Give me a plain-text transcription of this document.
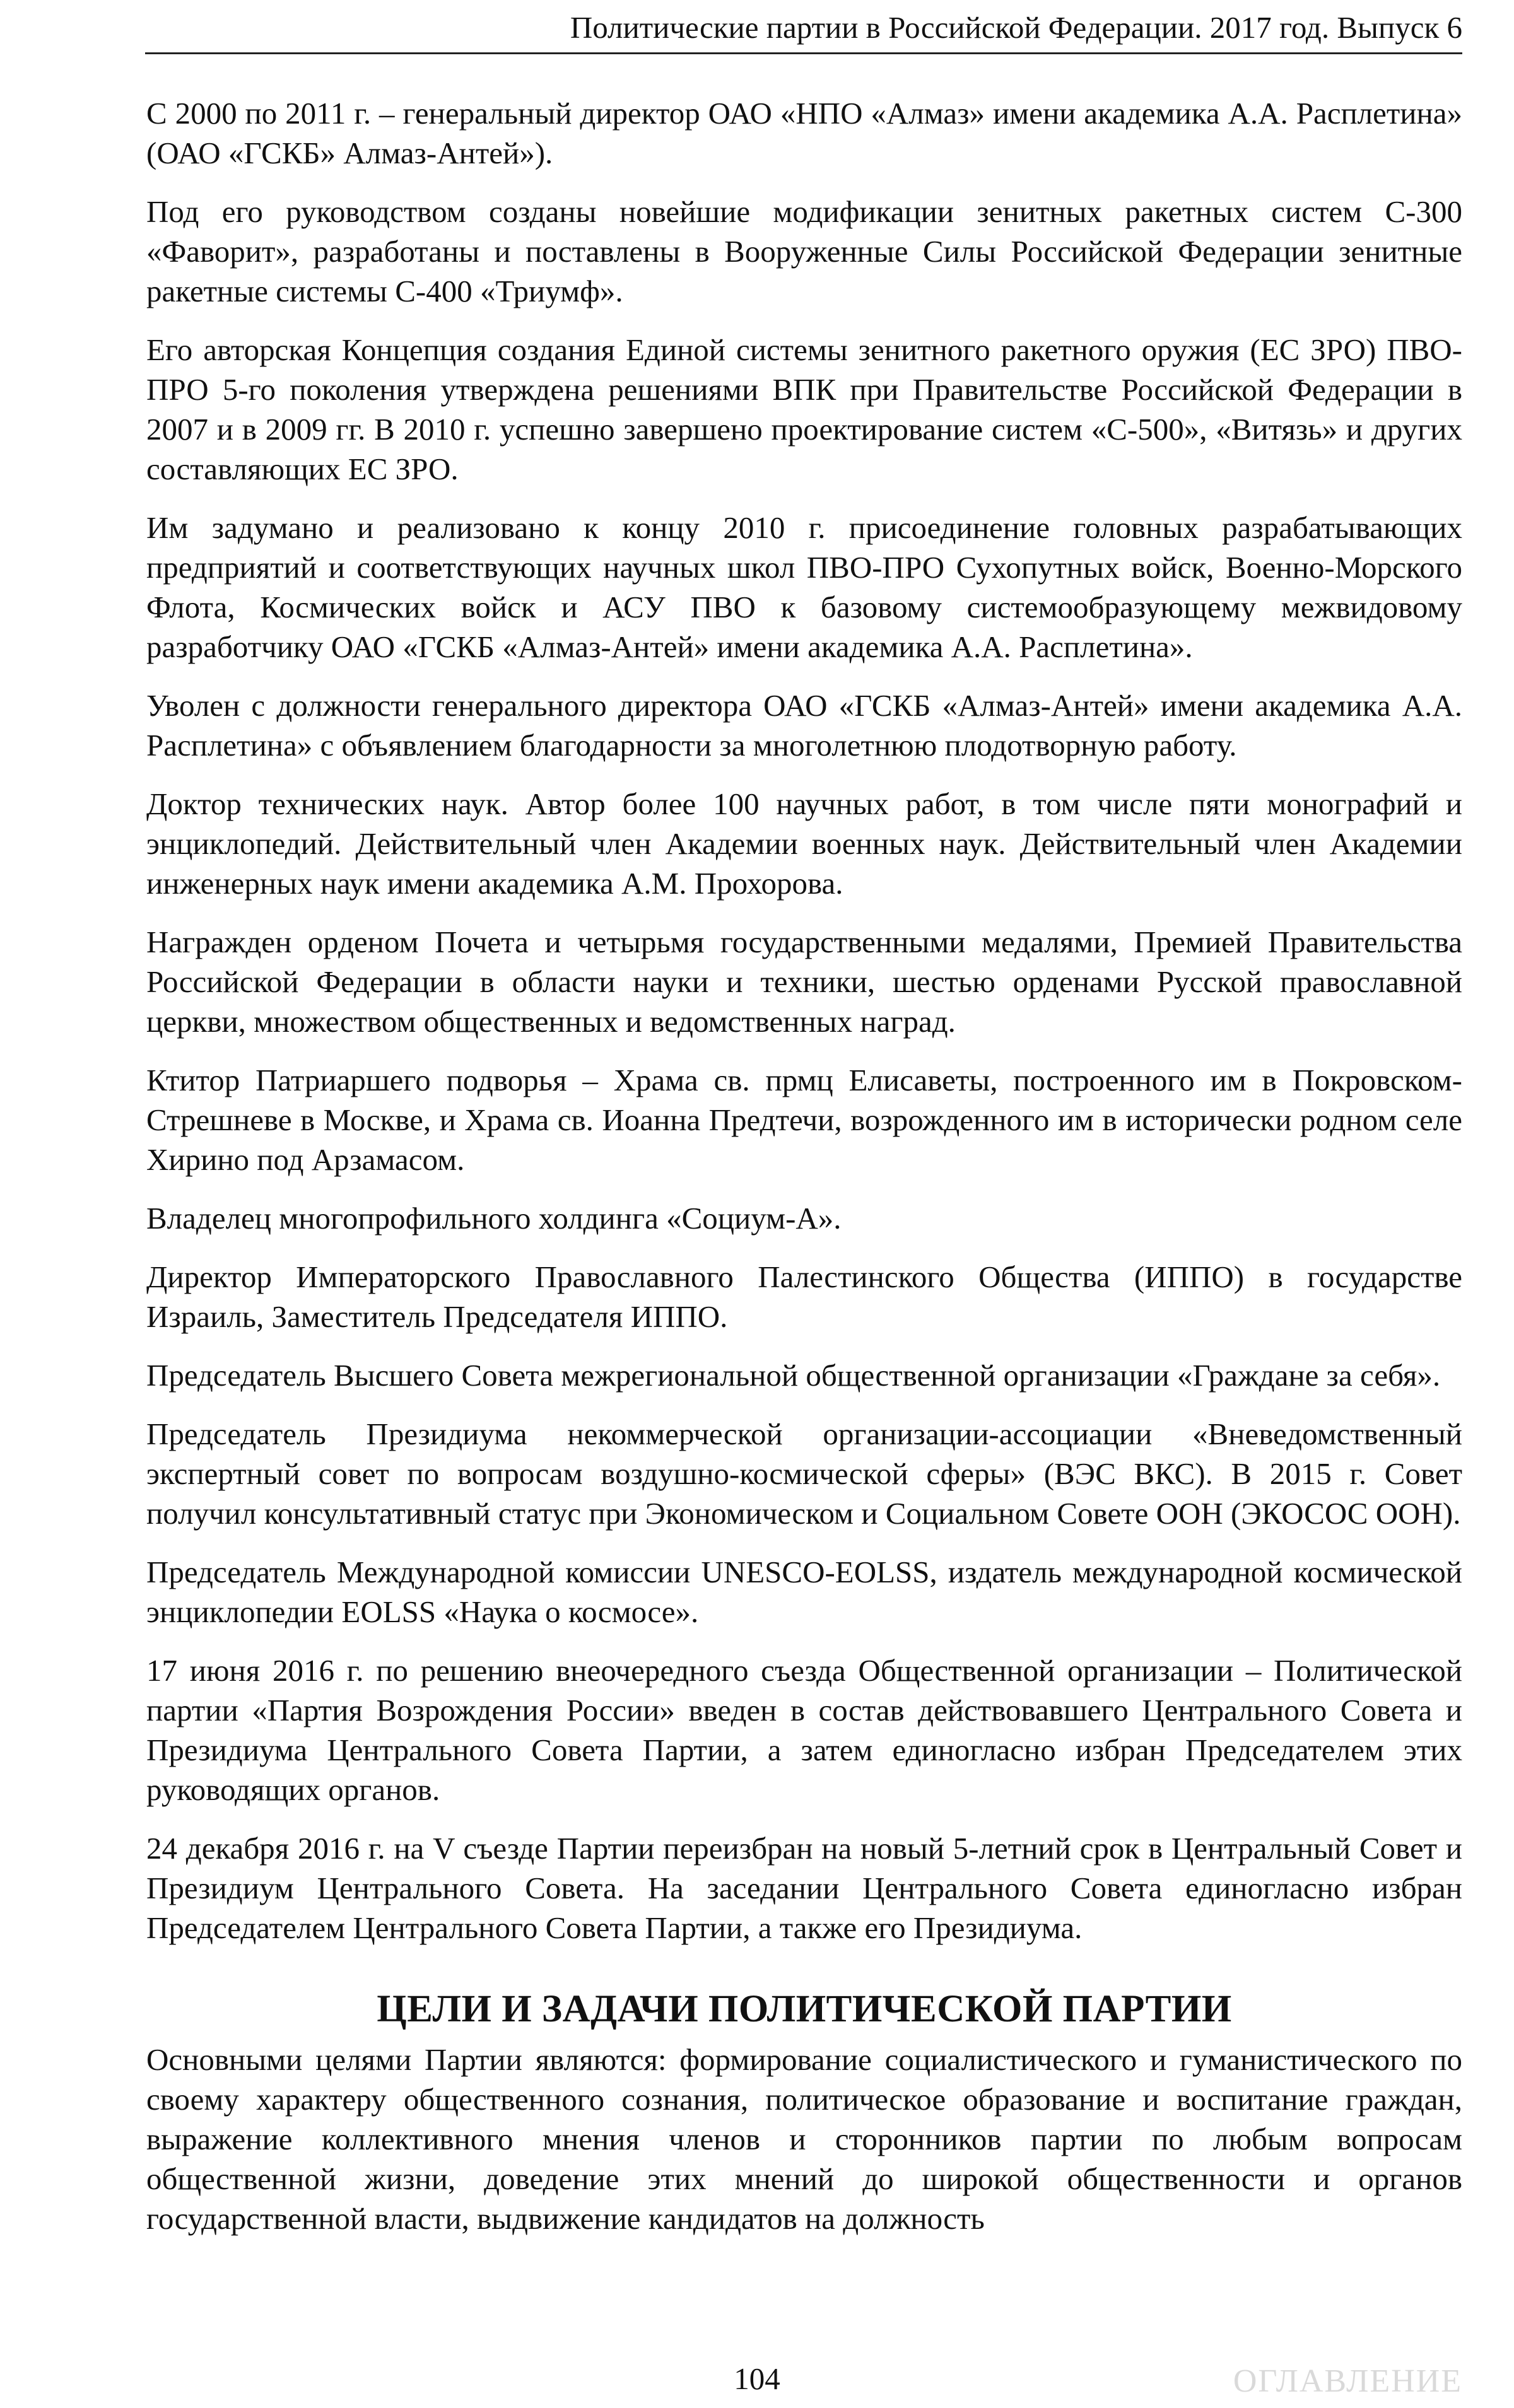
Политические партии в Российской Федерации. 2017 год. Выпуск 6

С 2000 по 2011 г. – генеральный директор ОАО «НПО «Алмаз» имени академика А.А. Расплетина» (ОАО «ГСКБ» Алмаз-Антей»).

Под его руководством созданы новейшие модификации зенитных ракетных систем С-300 «Фаворит», разработаны и поставлены в Вооруженные Силы Российской Федерации зенитные ракетные системы С-400 «Триумф».

Его авторская Концепция создания Единой системы зенитного ракетного оружия (ЕС ЗРО) ПВО-ПРО 5-го поколения утверждена решениями ВПК при Правительстве Российской Федерации в 2007 и в 2009 гг. В 2010 г. успешно завершено проектирование систем «С-500», «Витязь» и других составляющих ЕС ЗРО.

Им задумано и реализовано к концу 2010 г. присоединение головных разрабатывающих предприятий и соответствующих научных школ ПВО-ПРО Сухопутных войск, Военно-Морского Флота, Космических войск и АСУ ПВО к базовому системообразующему межвидовому разработчику ОАО «ГСКБ «Алмаз-Антей» имени академика А.А. Расплетина».

Уволен с должности генерального директора ОАО «ГСКБ «Алмаз-Антей» имени академика А.А. Расплетина» с объявлением благодарности за многолетнюю плодотворную работу.

Доктор технических наук. Автор более 100 научных работ, в том числе пяти монографий и энциклопедий. Действительный член Академии военных наук. Действительный член Академии инженерных наук имени академика А.М. Прохорова.

Награжден орденом Почета и четырьмя государственными медалями, Премией Правительства Российской Федерации в области науки и техники, шестью орденами Русской православной церкви, множеством общественных и ведомственных наград.

Ктитор Патриаршего подворья – Храма св. прмц Елисаветы, построенного им в Покровском-Стрешневе в Москве, и Храма св. Иоанна Предтечи, возрожденного им в исторически родном селе Хирино под Арзамасом.

Владелец многопрофильного холдинга «Социум-А».

Директор Императорского Православного Палестинского Общества (ИППО) в государстве Израиль, Заместитель Председателя ИППО.

Председатель Высшего Совета межрегиональной общественной организации «Граждане за себя».

Председатель Президиума некоммерческой организации-ассоциации «Вневедомственный экспертный совет по вопросам воздушно-космической сферы» (ВЭС ВКС). В 2015 г. Совет получил консультативный статус при Экономическом и Социальном Совете ООН (ЭКОСОС ООН).

Председатель Международной комиссии UNESCO-EOLSS, издатель международной космической энциклопедии EOLSS «Наука о космосе».

17 июня 2016 г. по решению внеочередного съезда Общественной организации – Политической партии «Партия Возрождения России» введен в состав действовавшего Центрального Совета и Президиума Центрального Совета Партии, а затем единогласно избран Председателем этих руководящих органов.

24 декабря 2016 г. на V съезде Партии переизбран на новый 5-летний срок в Центральный Совет и Президиум Центрального Совета. На заседании Центрального Совета единогласно избран Председателем Центрального Совета Партии, а также его Президиума.

ЦЕЛИ И ЗАДАЧИ ПОЛИТИЧЕСКОЙ ПАРТИИ

Основными целями Партии являются: формирование социалистического и гуманистического по своему характеру общественного сознания, политическое образование и воспитание граждан, выражение коллективного мнения членов и сторонников партии по любым вопросам общественной жизни, доведение этих мнений до широкой общественности и органов государственной власти, выдвижение кандидатов на должность

104	ОГЛАВЛЕНИЕ
